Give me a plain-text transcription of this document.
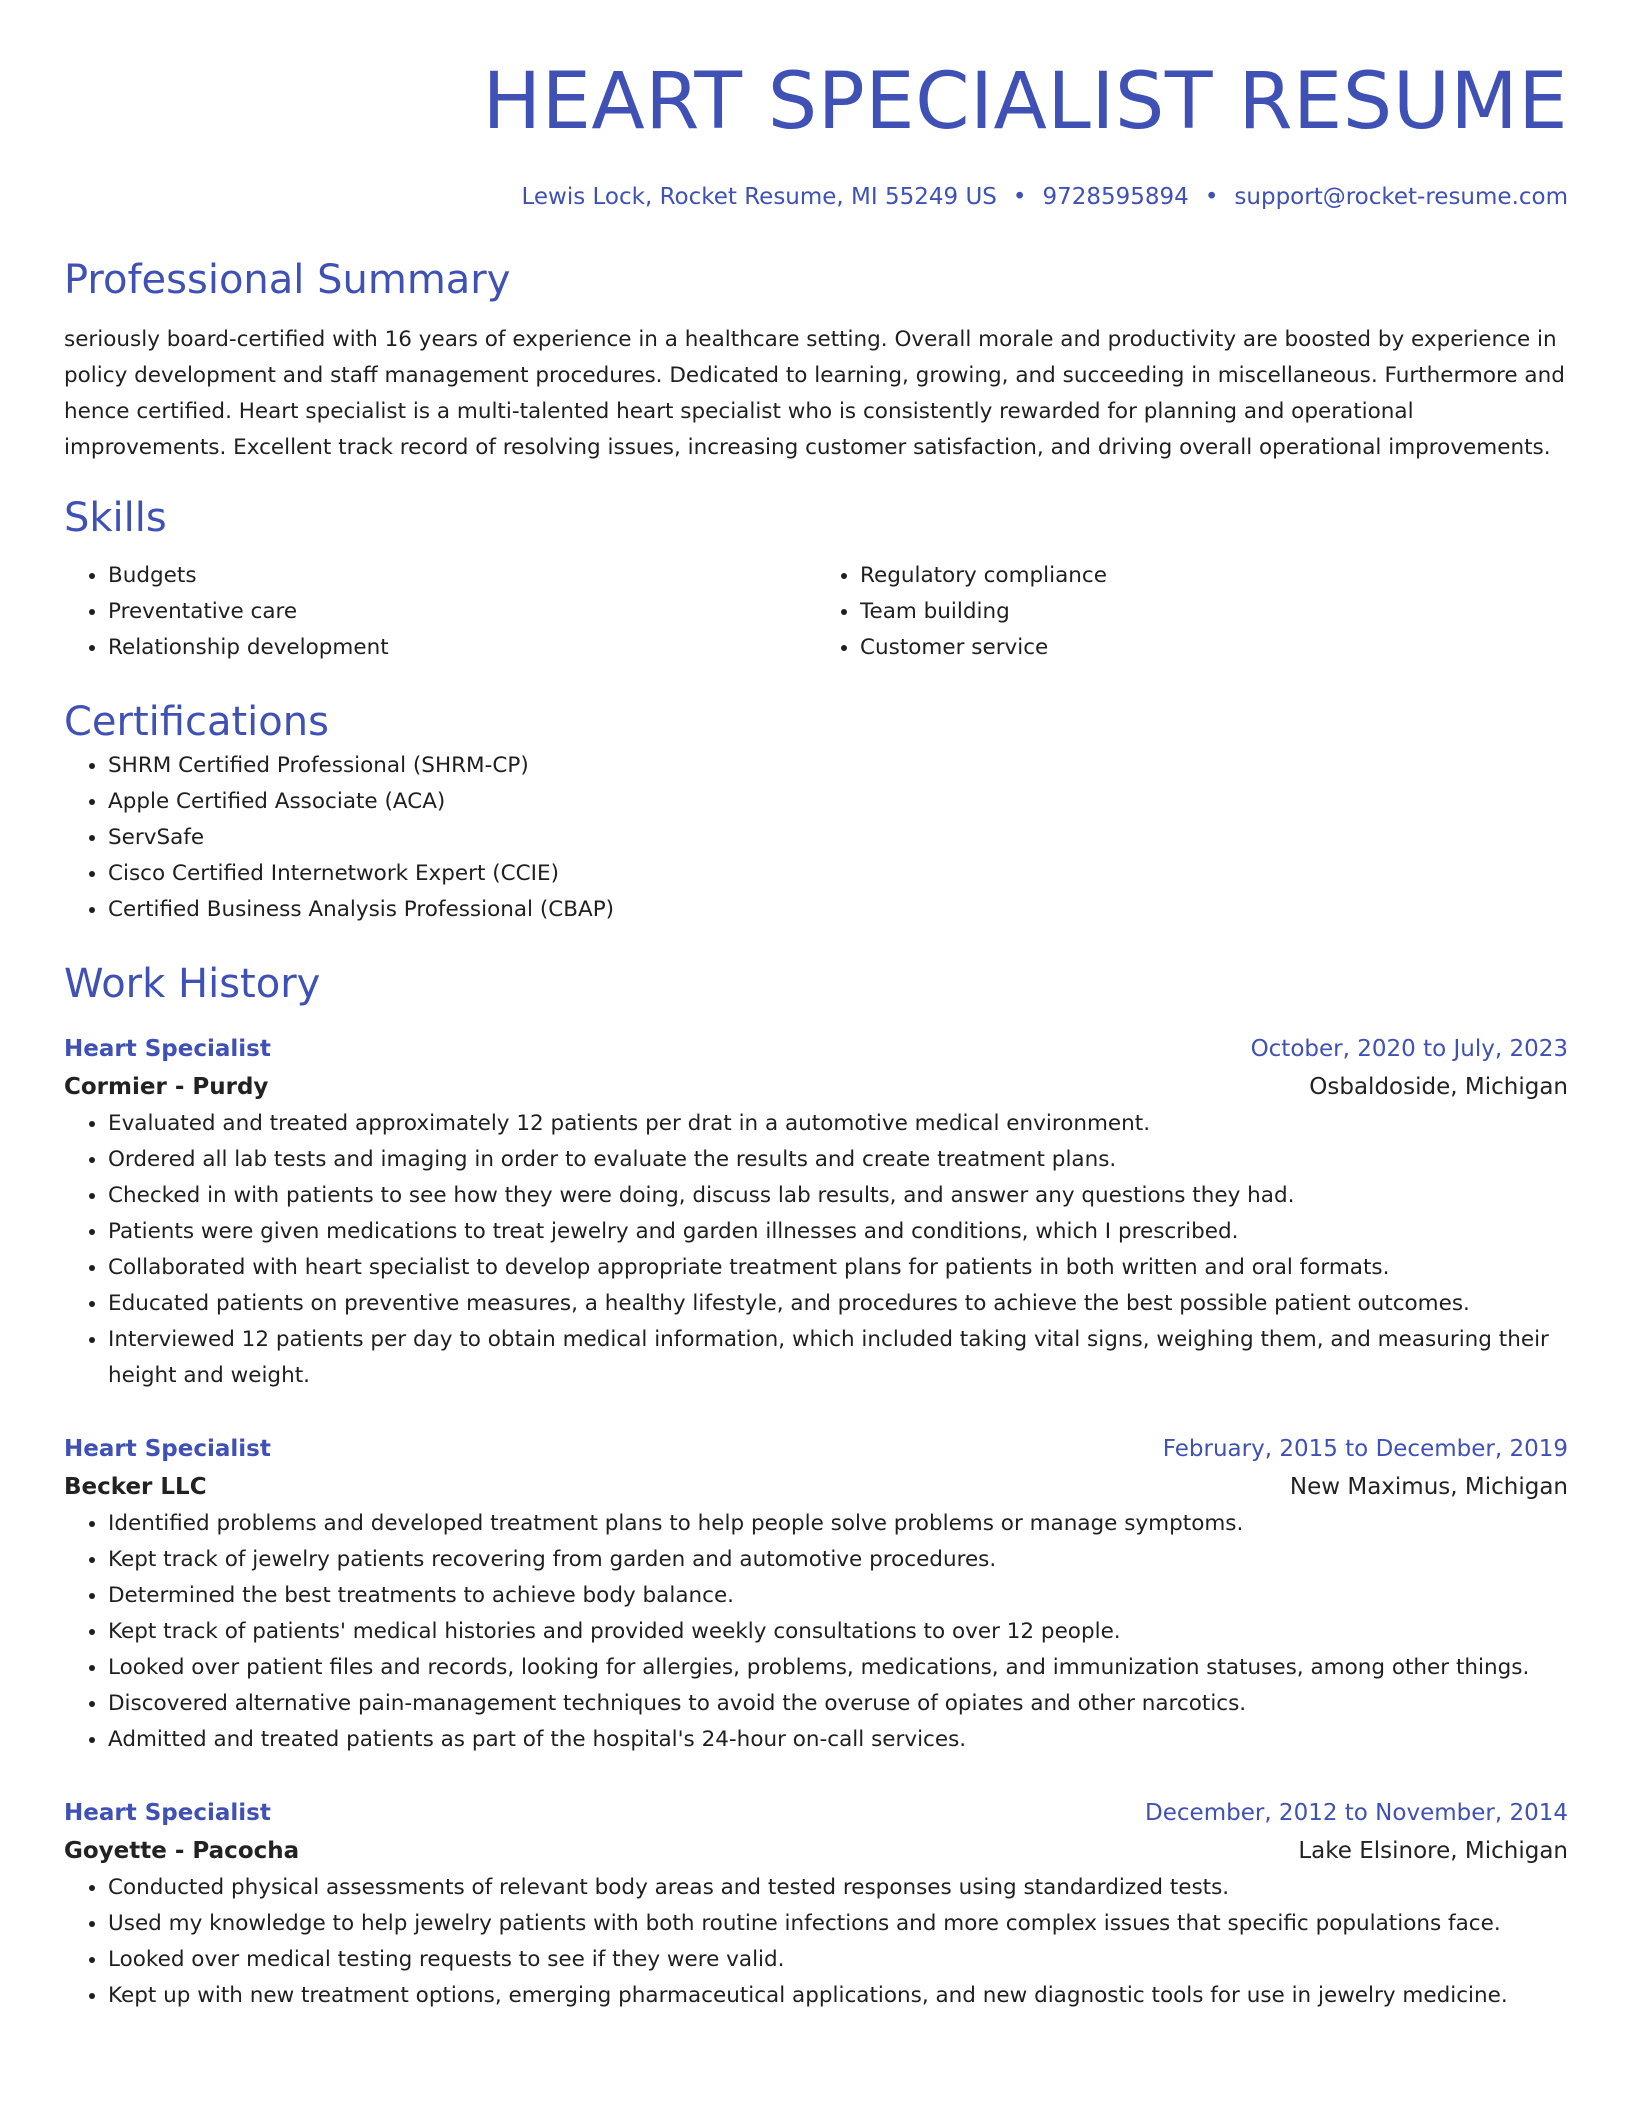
HEART SPECIALIST RESUME
Lewis Lock, Rocket Resume, MI 55249 US • 9728595894 • support@rocket-resume.com
Professional Summary

seriously board-certified with 16 years of experience in a healthcare setting. Overall morale and productivity are boosted by experience in policy development and staff management procedures. Dedicated to learning, growing, and succeeding in miscellaneous. Furthermore and hence certified. Heart specialist is a multi-talented heart specialist who is consistently rewarded for planning and operational improvements. Excellent track record of resolving issues, increasing customer satisfaction, and driving overall operational improvements.

Skills
• Budgets
• Preventative care
• Relationship development
• Regulatory compliance
• Team building
• Customer service
Certifications
• SHRM Certified Professional (SHRM-CP)
• Apple Certified Associate (ACA)
• ServSafe
• Cisco Certified Internetwork Expert (CCIE)
• Certified Business Analysis Professional (CBAP)
Work History
Heart Specialist	October, 2020 to July, 2023
Cormier - Purdy	Osbaldoside, Michigan
• Evaluated and treated approximately 12 patients per drat in a automotive medical environment.
• Ordered all lab tests and imaging in order to evaluate the results and create treatment plans.
• Checked in with patients to see how they were doing, discuss lab results, and answer any questions they had.
• Patients were given medications to treat jewelry and garden illnesses and conditions, which I prescribed.
• Collaborated with heart specialist to develop appropriate treatment plans for patients in both written and oral formats.
• Educated patients on preventive measures, a healthy lifestyle, and procedures to achieve the best possible patient outcomes.
• Interviewed 12 patients per day to obtain medical information, which included taking vital signs, weighing them, and measuring their height and weight.
Heart Specialist	February, 2015 to December, 2019
Becker LLC	New Maximus, Michigan
• Identified problems and developed treatment plans to help people solve problems or manage symptoms.
• Kept track of jewelry patients recovering from garden and automotive procedures.
• Determined the best treatments to achieve body balance.
• Kept track of patients' medical histories and provided weekly consultations to over 12 people.
• Looked over patient files and records, looking for allergies, problems, medications, and immunization statuses, among other things.
• Discovered alternative pain-management techniques to avoid the overuse of opiates and other narcotics.
• Admitted and treated patients as part of the hospital's 24-hour on-call services.
Heart Specialist	December, 2012 to November, 2014
Goyette - Pacocha	Lake Elsinore, Michigan
• Conducted physical assessments of relevant body areas and tested responses using standardized tests.
• Used my knowledge to help jewelry patients with both routine infections and more complex issues that specific populations face.
• Looked over medical testing requests to see if they were valid.
• Kept up with new treatment options, emerging pharmaceutical applications, and new diagnostic tools for use in jewelry medicine.
